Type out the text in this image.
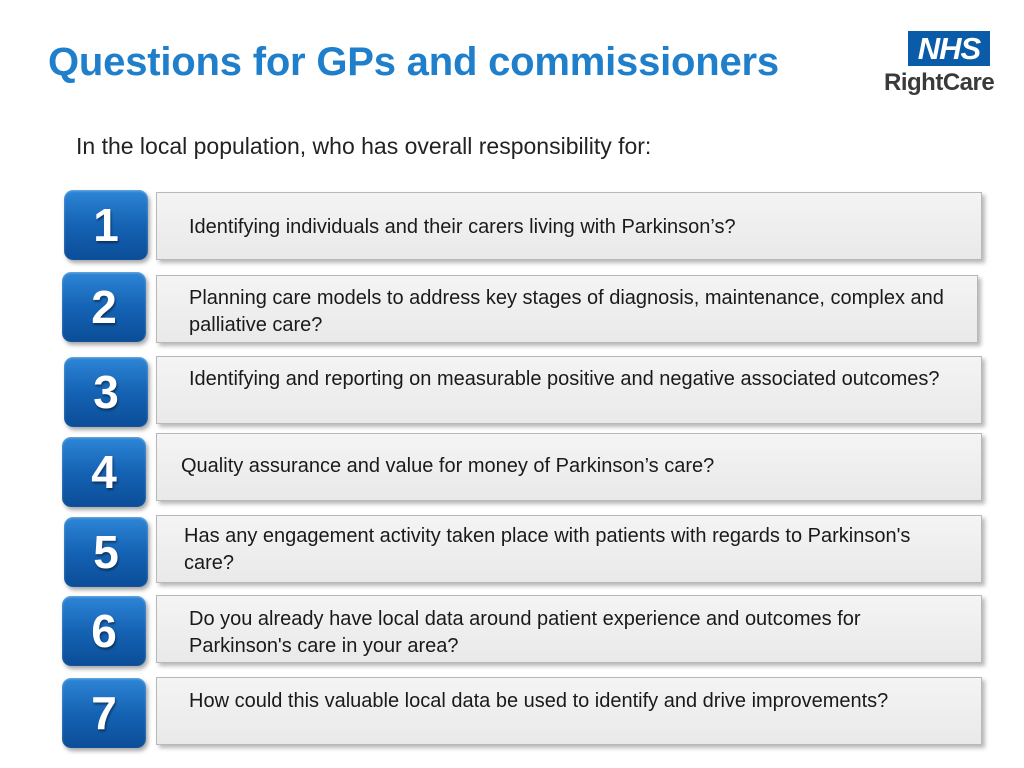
Questions for GPs and commissioners	NHS
RightCare
In the local population, who has overall responsibility for:
1	Identifying individuals and their carers living with Parkinson’s?
2	Planning care models to address key stages of diagnosis, maintenance, complex and palliative care?
3	Identifying and reporting on measurable positive and negative associated outcomes?
4	Quality assurance and value for money of Parkinson’s care?
5	Has any engagement activity taken place with patients with regards to Parkinson's care?
6	Do you already have local data around patient experience and outcomes for Parkinson's care in your area?
7	How could this valuable local data be used to identify and drive improvements?
